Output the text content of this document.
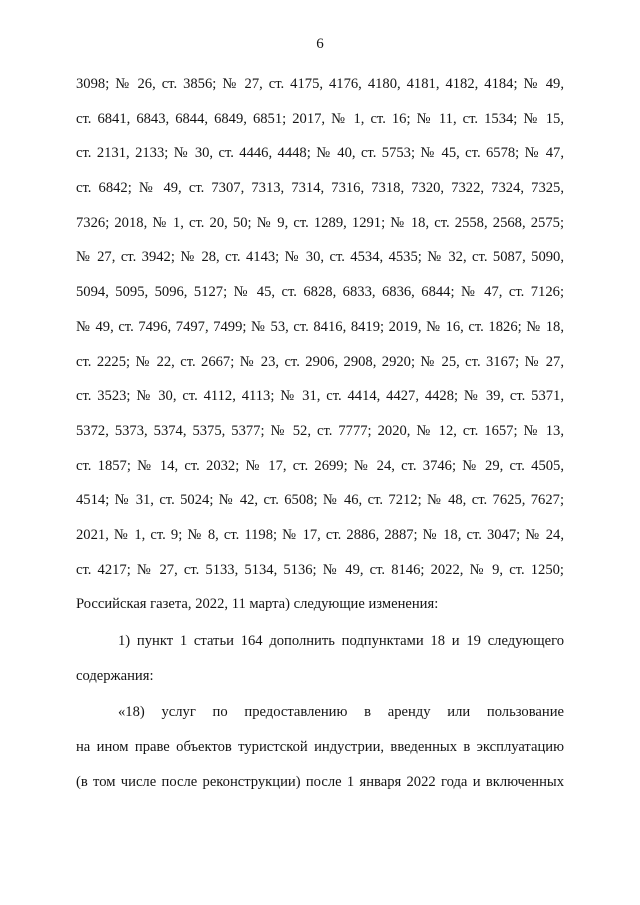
6
3098; № 26, ст. 3856; № 27, ст. 4175, 4176, 4180, 4181, 4182, 4184; № 49,
ст. 6841, 6843, 6844, 6849, 6851; 2017, № 1, ст. 16; № 11, ст. 1534; № 15,
ст. 2131, 2133; № 30, ст. 4446, 4448; № 40, ст. 5753; № 45, ст. 6578; № 47,
ст. 6842; № 49, ст. 7307, 7313, 7314, 7316, 7318, 7320, 7322, 7324, 7325,
7326; 2018, № 1, ст. 20, 50; № 9, ст. 1289, 1291; № 18, ст. 2558, 2568, 2575;
№ 27, ст. 3942; № 28, ст. 4143; № 30, ст. 4534, 4535; № 32, ст. 5087, 5090,
5094, 5095, 5096, 5127; № 45, ст. 6828, 6833, 6836, 6844; № 47, ст. 7126;
№ 49, ст. 7496, 7497, 7499; № 53, ст. 8416, 8419; 2019, № 16, ст. 1826; № 18,
ст. 2225; № 22, ст. 2667; № 23, ст. 2906, 2908, 2920; № 25, ст. 3167; № 27,
ст. 3523; № 30, ст. 4112, 4113; № 31, ст. 4414, 4427, 4428; № 39, ст. 5371,
5372, 5373, 5374, 5375, 5377; № 52, ст. 7777; 2020, № 12, ст. 1657; № 13,
ст. 1857; № 14, ст. 2032; № 17, ст. 2699; № 24, ст. 3746; № 29, ст. 4505,
4514; № 31, ст. 5024; № 42, ст. 6508; № 46, ст. 7212; № 48, ст. 7625, 7627;
2021, № 1, ст. 9; № 8, ст. 1198; № 17, ст. 2886, 2887; № 18, ст. 3047; № 24,
ст. 4217; № 27, ст. 5133, 5134, 5136; № 49, ст. 8146; 2022, № 9, ст. 1250;
Российская газета, 2022, 11 марта) следующие изменения:
1) пункт 1 статьи 164 дополнить подпунктами 18 и 19 следующего
содержания:
«18) услуг по предоставлению в аренду или пользование
на ином праве объектов туристской индустрии, введенных в эксплуатацию
(в том числе после реконструкции) после 1 января 2022 года и включенных
